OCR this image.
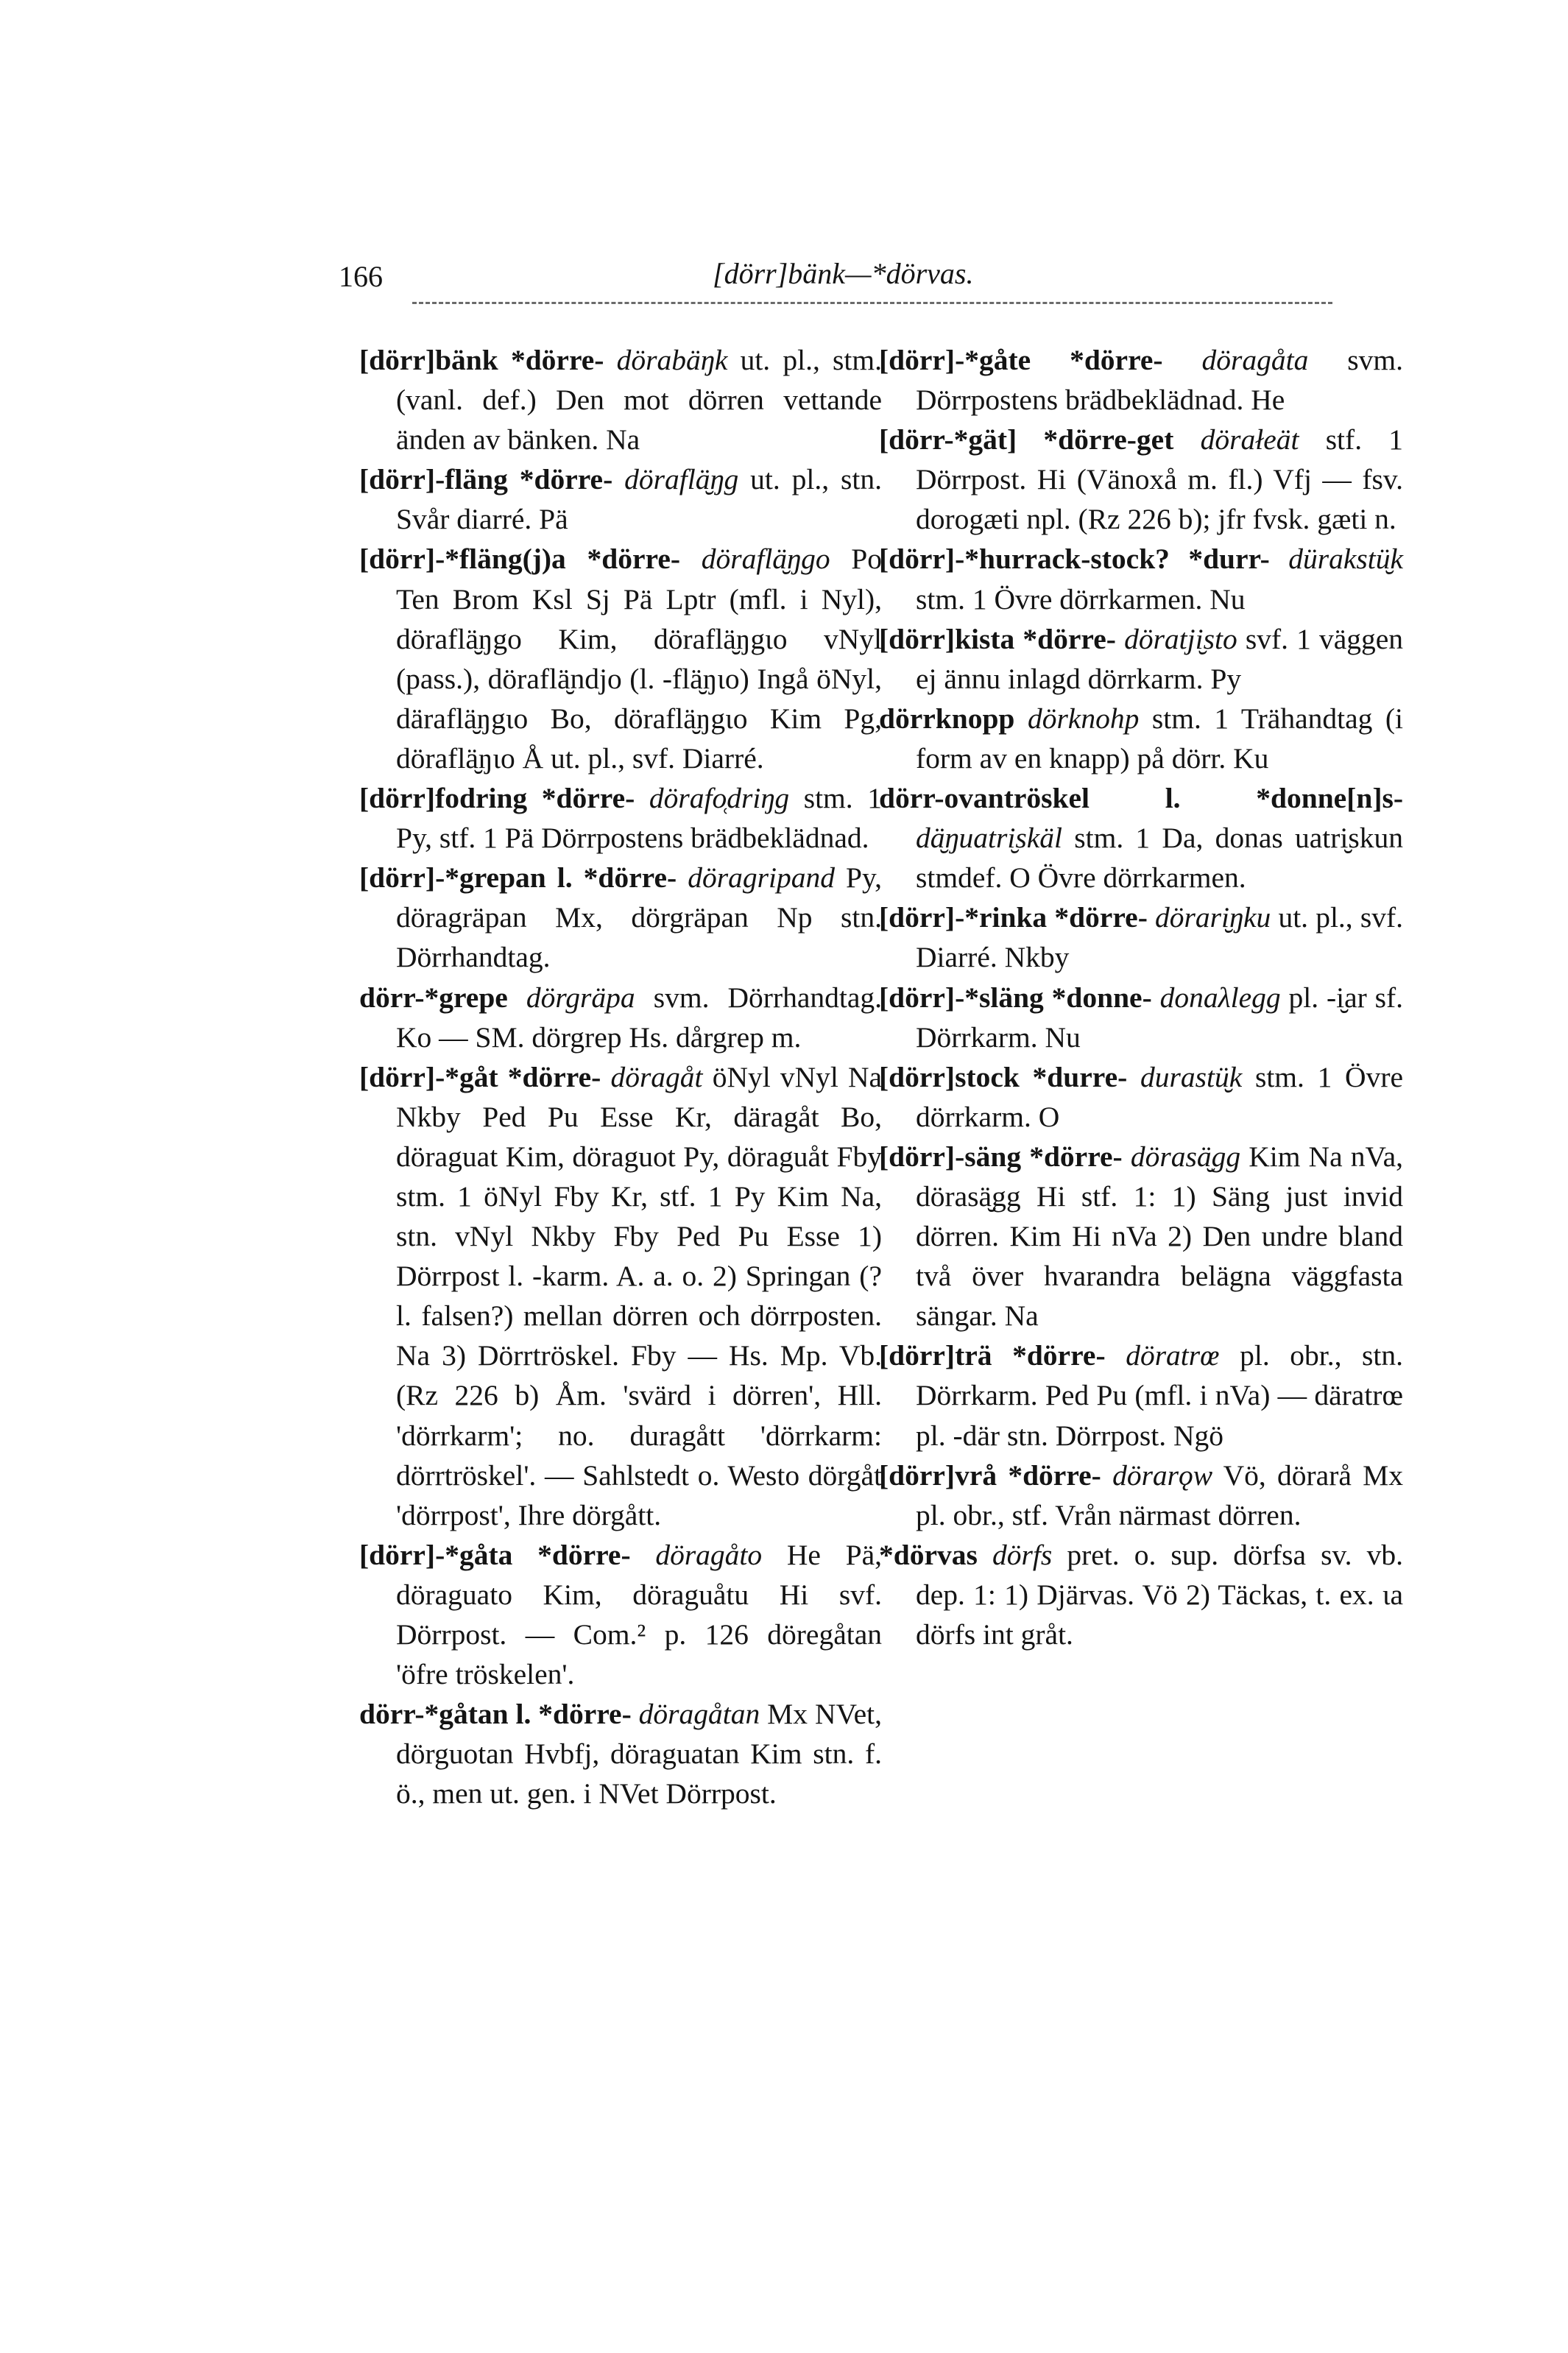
166	[dörr]bänk—*dörvas.

[dörr]bänk *dörre- dörabäŋk ut. pl., stm. (vanl. def.) Den mot dörren vettande änden av bänken. Na

[dörr]-fläng *dörre- döraflä̮ŋg ut. pl., stn. Svår diarré. Pä

[dörr]-*fläng(j)a *dörre- döraflä̮ŋgo Po Ten Brom Ksl Sj Pä Lptr (mfl. i Nyl), döraflä̮ŋgo Kim, döraflä̮ŋgɩo vNyl (pass.), döraflä̮ndjo (l. -flä̮ŋɩo) Ingå öNyl, däraflä̮ŋgɩo Bo, döraflä̮ŋgɩo Kim Pg, döraflä̮ŋɩo Å ut. pl., svf. Diarré.

[dörr]fodring *dörre- dörafo̜driŋg stm. 1 Py, stf. 1 Pä Dörrpostens brädbeklädnad.

[dörr]-*grepan l. *dörre- döragripand Py, döragräpan Mx, dörgräpan Np stn. Dörrhandtag.

dörr-*grepe dörgräpa svm. Dörrhandtag. Ko — SM. dörgrep Hs. dårgrep m.

[dörr]-*gåt *dörre- döragåt öNyl vNyl Na Nkby Ped Pu Esse Kr, däragåt Bo, döraguat Kim, döraguot Py, döraguåt Fby stm. 1 öNyl Fby Kr, stf. 1 Py Kim Na, stn. vNyl Nkby Fby Ped Pu Esse 1) Dörrpost l. -karm. A. a. o. 2) Springan (? l. falsen?) mellan dörren och dörrposten. Na 3) Dörrtröskel. Fby — Hs. Mp. Vb. (Rz 226 b) Åm. 'svärd i dörren', Hll. 'dörrkarm'; no. duragått 'dörrkarm: dörrtröskel'. — Sahlstedt o. Westo dörgåt 'dörrpost', Ihre dörgått.

[dörr]-*gåta *dörre- döragåto He Pä, döraguato Kim, döraguåtu Hi svf. Dörrpost. — Com.² p. 126 döregåtan 'öfre tröskelen'.

dörr-*gåtan l. *dörre- döragåtan Mx NVet, dörguotan Hvbfj, döraguatan Kim stn. f. ö., men ut. gen. i NVet Dörrpost.

[dörr]-*gåte *dörre- döragåta svm. Dörrpostens brädbeklädnad. He

[dörr-*gät] *dörre-get dörałeät stf. 1 Dörrpost. Hi (Vänoxå m. fl.) Vfj — fsv. dorogæti npl. (Rz 226 b); jfr fvsk. gæti n.

[dörr]-*hurrack-stock? *durr- dürakstü̮k stm. 1 Övre dörrkarmen. Nu

[dörr]kista *dörre- döratji̮sto svf. 1 väggen ej ännu inlagd dörrkarm. Py

dörrknopp dörknohp stm. 1 Trähandtag (i form av en knapp) på dörr. Ku

dörr-ovantröskel l. *donne[n]s- dä̮ŋuatri̮skäl stm. 1 Da, donas uatri̮skun stmdef. O Övre dörrkarmen.

[dörr]-*rinka *dörre- dörari̮ŋku ut. pl., svf. Diarré. Nkby

[dörr]-*släng *donne- donaλlegg pl. -i̮ar sf. Dörrkarm. Nu

[dörr]stock *durre- durastü̮k stm. 1 Övre dörrkarm. O

[dörr]-säng *dörre- dörasä̮gg Kim Na nVa, dörasä̮gg Hi stf. 1: 1) Säng just invid dörren. Kim Hi nVa 2) Den undre bland två över hvarandra belägna väggfasta sängar. Na

[dörr]trä *dörre- döratrœ pl. obr., stn. Dörrkarm. Ped Pu (mfl. i nVa) — däratrœ pl. -där stn. Dörrpost. Ngö

[dörr]vrå *dörre- dörarǫw Vö, dörarå Mx pl. obr., stf. Vrån närmast dörren.

*dörvas dörfs pret. o. sup. dörfsa sv. vb. dep. 1: 1) Djärvas. Vö 2) Täckas, t. ex. ɩa dörfs int gråt.
